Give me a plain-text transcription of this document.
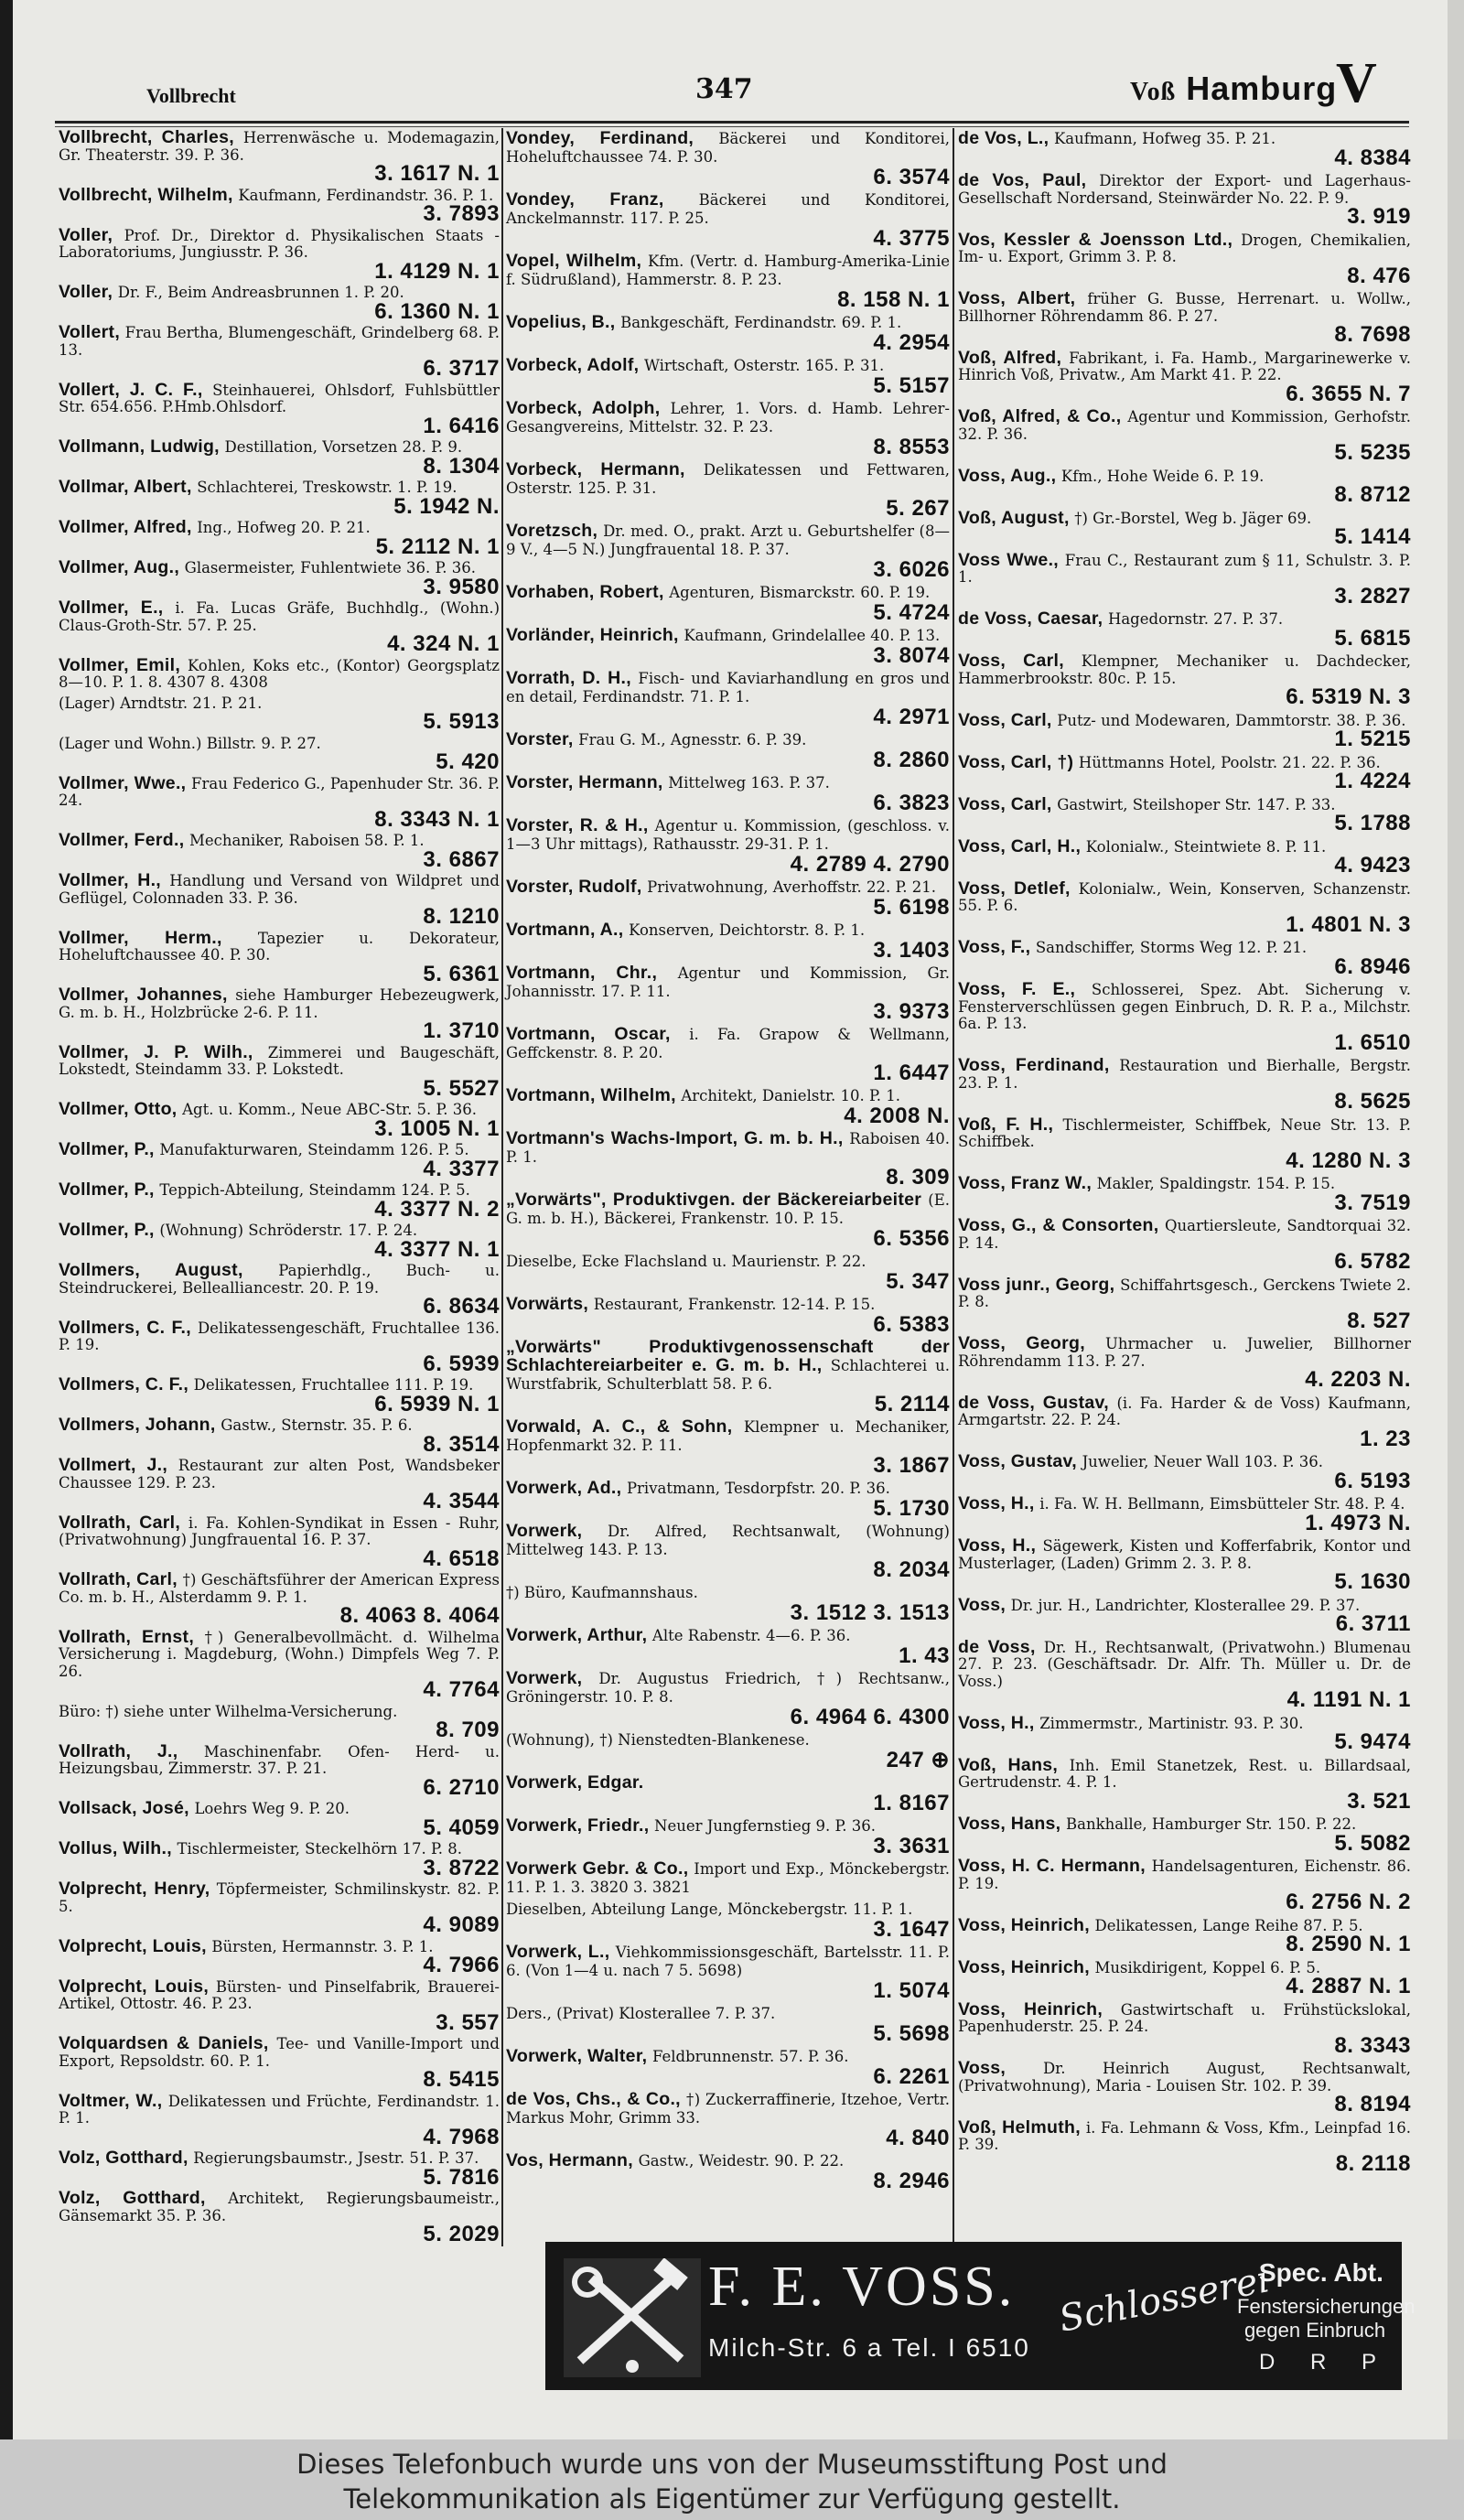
Vollbrecht	347	Voß Hamburg
V
Vollbrecht, Charles, Herrenwäsche u. Modemagazin, Gr. Theaterstr. 39. P. 36.
3. 1617 N. 1
Vollbrecht, Wilhelm, Kaufmann, Ferdinandstr. 36. P. 1.
3. 7893
Voller, Prof. Dr., Direktor d. Physikalischen Staats - Laboratoriums, Jungiusstr. P. 36.
1. 4129 N. 1
Voller, Dr. F., Beim Andreasbrunnen 1. P. 20.
6. 1360 N. 1
Vollert, Frau Bertha, Blumengeschäft, Grindelberg 68. P. 13.
6. 3717
Vollert, J. C. F., Steinhauerei, Ohlsdorf, Fuhlsbüttler Str. 654.656. P.Hmb.Ohlsdorf.
1. 6416
Vollmann, Ludwig, Destillation, Vorsetzen 28. P. 9.
8. 1304
Vollmar, Albert, Schlachterei, Treskowstr. 1. P. 19.
5. 1942 N.
Vollmer, Alfred, Ing., Hofweg 20. P. 21.
5. 2112 N. 1
Vollmer, Aug., Glasermeister, Fuhlentwiete 36. P. 36.
3. 9580
Vollmer, E., i. Fa. Lucas Gräfe, Buchhdlg., (Wohn.) Claus-Groth-Str. 57. P. 25.
4. 324 N. 1
Vollmer, Emil, Kohlen, Koks etc., (Kontor) Georgsplatz 8—10. P. 1. 8. 4307 8. 4308
(Lager) Arndtstr. 21. P. 21.
5. 5913
(Lager und Wohn.) Billstr. 9. P. 27.
5. 420
Vollmer, Wwe., Frau Federico G., Papenhuder Str. 36. P. 24.
8. 3343 N. 1
Vollmer, Ferd., Mechaniker, Raboisen 58. P. 1.
3. 6867
Vollmer, H., Handlung und Versand von Wildpret und Geflügel, Colonnaden 33. P. 36.
8. 1210
Vollmer, Herm., Tapezier u. Dekorateur, Hoheluftchaussee 40. P. 30.
5. 6361
Vollmer, Johannes, siehe Hamburger Hebezeugwerk, G. m. b. H., Holzbrücke 2-6. P. 11.
1. 3710
Vollmer, J. P. Wilh., Zimmerei und Baugeschäft, Lokstedt, Steindamm 33. P. Lokstedt.
5. 5527
Vollmer, Otto, Agt. u. Komm., Neue ABC-Str. 5. P. 36.
3. 1005 N. 1
Vollmer, P., Manufakturwaren, Steindamm 126. P. 5.
4. 3377
Vollmer, P., Teppich-Abteilung, Steindamm 124. P. 5.
4. 3377 N. 2
Vollmer, P., (Wohnung) Schröderstr. 17. P. 24.
4. 3377 N. 1
Vollmers, August, Papierhdlg., Buch- u. Steindruckerei, Bellealliancestr. 20. P. 19.
6. 8634
Vollmers, C. F., Delikatessengeschäft, Fruchtallee 136. P. 19.
6. 5939
Vollmers, C. F., Delikatessen, Fruchtallee 111. P. 19.
6. 5939 N. 1
Vollmers, Johann, Gastw., Sternstr. 35. P. 6.
8. 3514
Vollmert, J., Restaurant zur alten Post, Wandsbeker Chaussee 129. P. 23.
4. 3544
Vollrath, Carl, i. Fa. Kohlen-Syndikat in Essen - Ruhr, (Privatwohnung) Jungfrauental 16. P. 37.
4. 6518
Vollrath, Carl, †) Geschäftsführer der American Express Co. m. b. H., Alsterdamm 9. P. 1.
8. 4063 8. 4064
Vollrath, Ernst, †) Generalbevollmächt. d. Wilhelma Versicherung i. Magdeburg, (Wohn.) Dimpfels Weg 7. P. 26.
4. 7764
Büro: †) siehe unter Wilhelma-Versicherung.
8. 709
Vollrath, J., Maschinenfabr. Ofen- Herd- u. Heizungsbau, Zimmerstr. 37. P. 21.
6. 2710
Vollsack, José, Loehrs Weg 9. P. 20.
5. 4059
Vollus, Wilh., Tischlermeister, Steckelhörn 17. P. 8.
3. 8722
Volprecht, Henry, Töpfermeister, Schmilinskystr. 82. P. 5.
4. 9089
Volprecht, Louis, Bürsten, Hermannstr. 3. P. 1.
4. 7966
Volprecht, Louis, Bürsten- und Pinselfabrik, Brauerei-Artikel, Ottostr. 46. P. 23.
3. 557
Volquardsen & Daniels, Tee- und Vanille-Import und Export, Repsoldstr. 60. P. 1.
8. 5415
Voltmer, W., Delikatessen und Früchte, Ferdinandstr. 1. P. 1.
4. 7968
Volz, Gotthard, Regierungsbaumstr., Jsestr. 51. P. 37.
5. 7816
Volz, Gotthard, Architekt, Regierungsbaumeistr., Gänsemarkt 35. P. 36.
5. 2029
Vondey, Ferdinand, Bäckerei und Konditorei, Hoheluftchaussee 74. P. 30.
6. 3574
Vondey, Franz, Bäckerei und Konditorei, Anckelmannstr. 117. P. 25.
4. 3775
Vopel, Wilhelm, Kfm. (Vertr. d. Hamburg-Amerika-Linie f. Südrußland), Hammerstr. 8. P. 23.
8. 158 N. 1
Vopelius, B., Bankgeschäft, Ferdinandstr. 69. P. 1.
4. 2954
Vorbeck, Adolf, Wirtschaft, Osterstr. 165. P. 31.
5. 5157
Vorbeck, Adolph, Lehrer, 1. Vors. d. Hamb. Lehrer-Gesangvereins, Mittelstr. 32. P. 23.
8. 8553
Vorbeck, Hermann, Delikatessen und Fettwaren, Osterstr. 125. P. 31.
5. 267
Voretzsch, Dr. med. O., prakt. Arzt u. Geburtshelfer (8—9 V., 4—5 N.) Jungfrauental 18. P. 37.
3. 6026
Vorhaben, Robert, Agenturen, Bismarckstr. 60. P. 19.
5. 4724
Vorländer, Heinrich, Kaufmann, Grindelallee 40. P. 13.
3. 8074
Vorrath, D. H., Fisch- und Kaviarhandlung en gros und en detail, Ferdinandstr. 71. P. 1.
4. 2971
Vorster, Frau G. M., Agnesstr. 6. P. 39.
8. 2860
Vorster, Hermann, Mittelweg 163. P. 37.
6. 3823
Vorster, R. & H., Agentur u. Kommission, (geschloss. v. 1—3 Uhr mittags), Rathausstr. 29-31. P. 1.
4. 2789 4. 2790
Vorster, Rudolf, Privatwohnung, Averhoffstr. 22. P. 21.
5. 6198
Vortmann, A., Konserven, Deichtorstr. 8. P. 1.
3. 1403
Vortmann, Chr., Agentur und Kommission, Gr. Johannisstr. 17. P. 11.
3. 9373
Vortmann, Oscar, i. Fa. Grapow & Wellmann, Geffckenstr. 8. P. 20.
1. 6447
Vortmann, Wilhelm, Architekt, Danielstr. 10. P. 1.
4. 2008 N.
Vortmann's Wachs-Import, G. m. b. H., Raboisen 40. P. 1.
8. 309
„Vorwärts", Produktivgen. der Bäckereiarbeiter (E. G. m. b. H.), Bäckerei, Frankenstr. 10. P. 15.
6. 5356
Dieselbe, Ecke Flachsland u. Maurienstr. P. 22.
5. 347
Vorwärts, Restaurant, Frankenstr. 12-14. P. 15.
6. 5383
„Vorwärts" Produktivgenossenschaft der Schlachtereiarbeiter e. G. m. b. H., Schlachterei u. Wurstfabrik, Schulterblatt 58. P. 6.
5. 2114
Vorwald, A. C., & Sohn, Klempner u. Mechaniker, Hopfenmarkt 32. P. 11.
3. 1867
Vorwerk, Ad., Privatmann, Tesdorpfstr. 20. P. 36.
5. 1730
Vorwerk, Dr. Alfred, Rechtsanwalt, (Wohnung) Mittelweg 143. P. 13.
8. 2034
†) Büro, Kaufmannshaus.
3. 1512 3. 1513
Vorwerk, Arthur, Alte Rabenstr. 4—6. P. 36.
1. 43
Vorwerk, Dr. Augustus Friedrich, †) Rechtsanw., Gröningerstr. 10. P. 8.
6. 4964 6. 4300
(Wohnung), †) Nienstedten-Blankenese.
247 ⊕
Vorwerk, Edgar.
1. 8167
Vorwerk, Friedr., Neuer Jungfernstieg 9. P. 36.
3. 3631
Vorwerk Gebr. & Co., Import und Exp., Mönckebergstr. 11. P. 1. 3. 3820 3. 3821
Dieselben, Abteilung Lange, Mönckebergstr. 11. P. 1.
3. 1647
Vorwerk, L., Viehkommissionsgeschäft, Bartelsstr. 11. P. 6. (Von 1—4 u. nach 7 5. 5698)
1. 5074
Ders., (Privat) Klosterallee 7. P. 37.
5. 5698
Vorwerk, Walter, Feldbrunnenstr. 57. P. 36.
6. 2261
de Vos, Chs., & Co., †) Zuckerraffinerie, Itzehoe, Vertr. Markus Mohr, Grimm 33.
4. 840
Vos, Hermann, Gastw., Weidestr. 90. P. 22.
8. 2946
de Vos, L., Kaufmann, Hofweg 35. P. 21.
4. 8384
de Vos, Paul, Direktor der Export- und Lagerhaus-Gesellschaft Nordersand, Steinwärder No. 22. P. 9.
3. 919
Vos, Kessler & Joensson Ltd., Drogen, Chemikalien, Im- u. Export, Grimm 3. P. 8.
8. 476
Voss, Albert, früher G. Busse, Herrenart. u. Wollw., Billhorner Röhrendamm 86. P. 27.
8. 7698
Voß, Alfred, Fabrikant, i. Fa. Hamb., Margarinewerke v. Hinrich Voß, Privatw., Am Markt 41. P. 22.
6. 3655 N. 7
Voß, Alfred, & Co., Agentur und Kommission, Gerhofstr. 32. P. 36.
5. 5235
Voss, Aug., Kfm., Hohe Weide 6. P. 19.
8. 8712
Voß, August, †) Gr.-Borstel, Weg b. Jäger 69.
5. 1414
Voss Wwe., Frau C., Restaurant zum § 11, Schulstr. 3. P. 1.
3. 2827
de Voss, Caesar, Hagedornstr. 27. P. 37.
5. 6815
Voss, Carl, Klempner, Mechaniker u. Dachdecker, Hammerbrookstr. 80c. P. 15.
6. 5319 N. 3
Voss, Carl, Putz- und Modewaren, Dammtorstr. 38. P. 36.
1. 5215
Voss, Carl, †) Hüttmanns Hotel, Poolstr. 21. 22. P. 36.
1. 4224
Voss, Carl, Gastwirt, Steilshoper Str. 147. P. 33.
5. 1788
Voss, Carl, H., Kolonialw., Steintwiete 8. P. 11.
4. 9423
Voss, Detlef, Kolonialw., Wein, Konserven, Schanzenstr. 55. P. 6.
1. 4801 N. 3
Voss, F., Sandschiffer, Storms Weg 12. P. 21.
6. 8946
Voss, F. E., Schlosserei, Spez. Abt. Sicherung v. Fensterverschlüssen gegen Einbruch, D. R. P. a., Milchstr. 6a. P. 13.
1. 6510
Voss, Ferdinand, Restauration und Bierhalle, Bergstr. 23. P. 1.
8. 5625
Voß, F. H., Tischlermeister, Schiffbek, Neue Str. 13. P. Schiffbek.
4. 1280 N. 3
Voss, Franz W., Makler, Spaldingstr. 154. P. 15.
3. 7519
Voss, G., & Consorten, Quartiersleute, Sandtorquai 32. P. 14.
6. 5782
Voss junr., Georg, Schiffahrtsgesch., Gerckens Twiete 2. P. 8.
8. 527
Voss, Georg, Uhrmacher u. Juwelier, Billhorner Röhrendamm 113. P. 27.
4. 2203 N.
de Voss, Gustav, (i. Fa. Harder & de Voss) Kaufmann, Armgartstr. 22. P. 24.
1. 23
Voss, Gustav, Juwelier, Neuer Wall 103. P. 36.
6. 5193
Voss, H., i. Fa. W. H. Bellmann, Eimsbütteler Str. 48. P. 4.
1. 4973 N.
Voss, H., Sägewerk, Kisten und Kofferfabrik, Kontor und Musterlager, (Laden) Grimm 2. 3. P. 8.
5. 1630
Voss, Dr. jur. H., Landrichter, Klosterallee 29. P. 37.
6. 3711
de Voss, Dr. H., Rechtsanwalt, (Privatwohn.) Blumenau 27. P. 23. (Geschäftsadr. Dr. Alfr. Th. Müller u. Dr. de Voss.)
4. 1191 N. 1
Voss, H., Zimmermstr., Martinistr. 93. P. 30.
5. 9474
Voß, Hans, Inh. Emil Stanetzek, Rest. u. Billardsaal, Gertrudenstr. 4. P. 1.
3. 521
Voss, Hans, Bankhalle, Hamburger Str. 150. P. 22.
5. 5082
Voss, H. C. Hermann, Handelsagenturen, Eichenstr. 86. P. 19.
6. 2756 N. 2
Voss, Heinrich, Delikatessen, Lange Reihe 87. P. 5.
8. 2590 N. 1
Voss, Heinrich, Musikdirigent, Koppel 6. P. 5.
4. 2887 N. 1
Voss, Heinrich, Gastwirtschaft u. Frühstückslokal, Papenhuderstr. 25. P. 24.
8. 3343
Voss, Dr. Heinrich August, Rechtsanwalt, (Privatwohnung), Maria - Louisen Str. 102. P. 39.
8. 8194
Voß, Helmuth, i. Fa. Lehmann & Voss, Kfm., Leinpfad 16. P. 39.
8. 2118
F. E. VOSS.
Milch-Str. 6 a Tel. I 6510
Schlosserei
Spec. Abt.
Fenstersicherungen gegen Einbruch
D R P
Dieses Telefonbuch wurde uns von der Museumsstiftung Post und
Telekommunikation als Eigentümer zur Verfügung gestellt.
